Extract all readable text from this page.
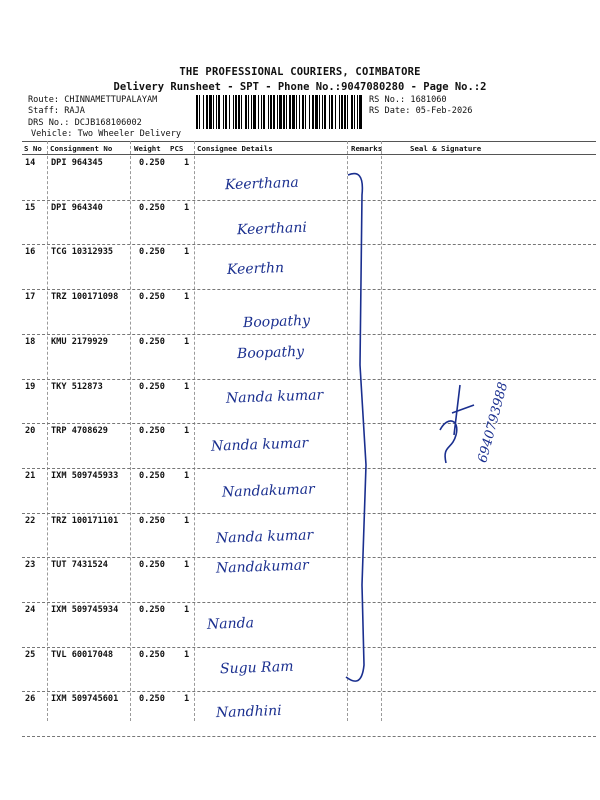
THE PROFESSIONAL COURIERS, COIMBATORE
Delivery Runsheet - SPT - Phone No.:9047080280 - Page No.:2
Route: CHINNAMETTUPALAYAM
Staff: RAJA
DRS No.: DCJB168106002
Vehicle: Two Wheeler Delivery
RS No.: 1681060
RS Date: 05-Feb-2026
S No Consignment No	Weight PCS Consignee Details	Remarks	Seal & Signature
14 DPI 964345	0.250 1
Keerthana
15 DPI 964340	0.250 1
Keerthani
16 TCG 10312935	0.250 1
Keerthn
17 TRZ 100171098 0.250 1
Boopathy
18 KMU 2179929	0.250 1
Boopathy
19 TKY 512873	0.250 1
Nanda kumar
20 TRP 4708629	0.250 1
Nanda kumar
21 IXM 509745933 0.250 1
Nandakumar
22 TRZ 100171101 0.250 1
Nanda kumar
23 TUT 7431524	0.250 1 Nandakumar
24 IXM 509745934 0.250 1
Nanda
25 TVL 60017048	0.250 1
Sugu Ram
26 IXM 509745601 0.250 1
Nandhini
6940793988
